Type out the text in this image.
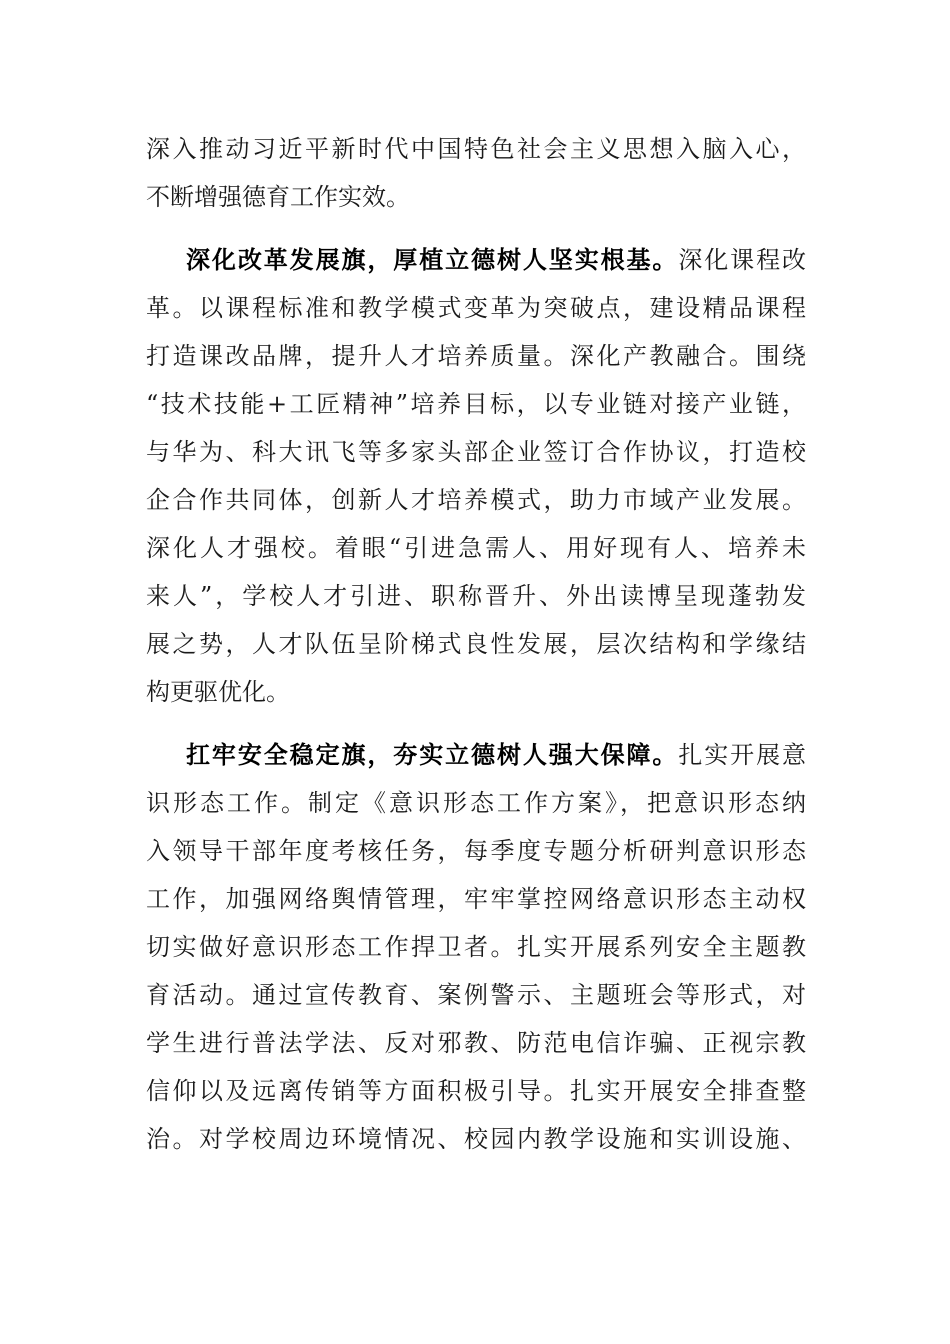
深入推动习近平新时代中国特色社会主义思想入脑入心，
不断增强德育工作实效。
深化改革发展旗，厚植立德树人坚实根基。深化课程改
革。以课程标准和教学模式变革为突破点，建设精品课程
打造课改品牌，提升人才培养质量。深化产教融合。围绕
“技术技能+工匠精神”培养目标，以专业链对接产业链，
与华为、科大讯飞等多家头部企业签订合作协议，打造校
企合作共同体，创新人才培养模式，助力市域产业发展。
深化人才强校。着眼“引进急需人、用好现有人、培养未
来人”，学校人才引进、职称晋升、外出读博呈现蓬勃发
展之势，人才队伍呈阶梯式良性发展，层次结构和学缘结
构更驱优化。
扛牢安全稳定旗，夯实立德树人强大保障。扎实开展意
识形态工作。制定《意识形态工作方案》，把意识形态纳
入领导干部年度考核任务，每季度专题分析研判意识形态
工作，加强网络舆情管理，牢牢掌控网络意识形态主动权
切实做好意识形态工作捍卫者。扎实开展系列安全主题教
育活动。通过宣传教育、案例警示、主题班会等形式，对
学生进行普法学法、反对邪教、防范电信诈骗、正视宗教
信仰以及远离传销等方面积极引导。扎实开展安全排查整
治。对学校周边环境情况、校园内教学设施和实训设施、
